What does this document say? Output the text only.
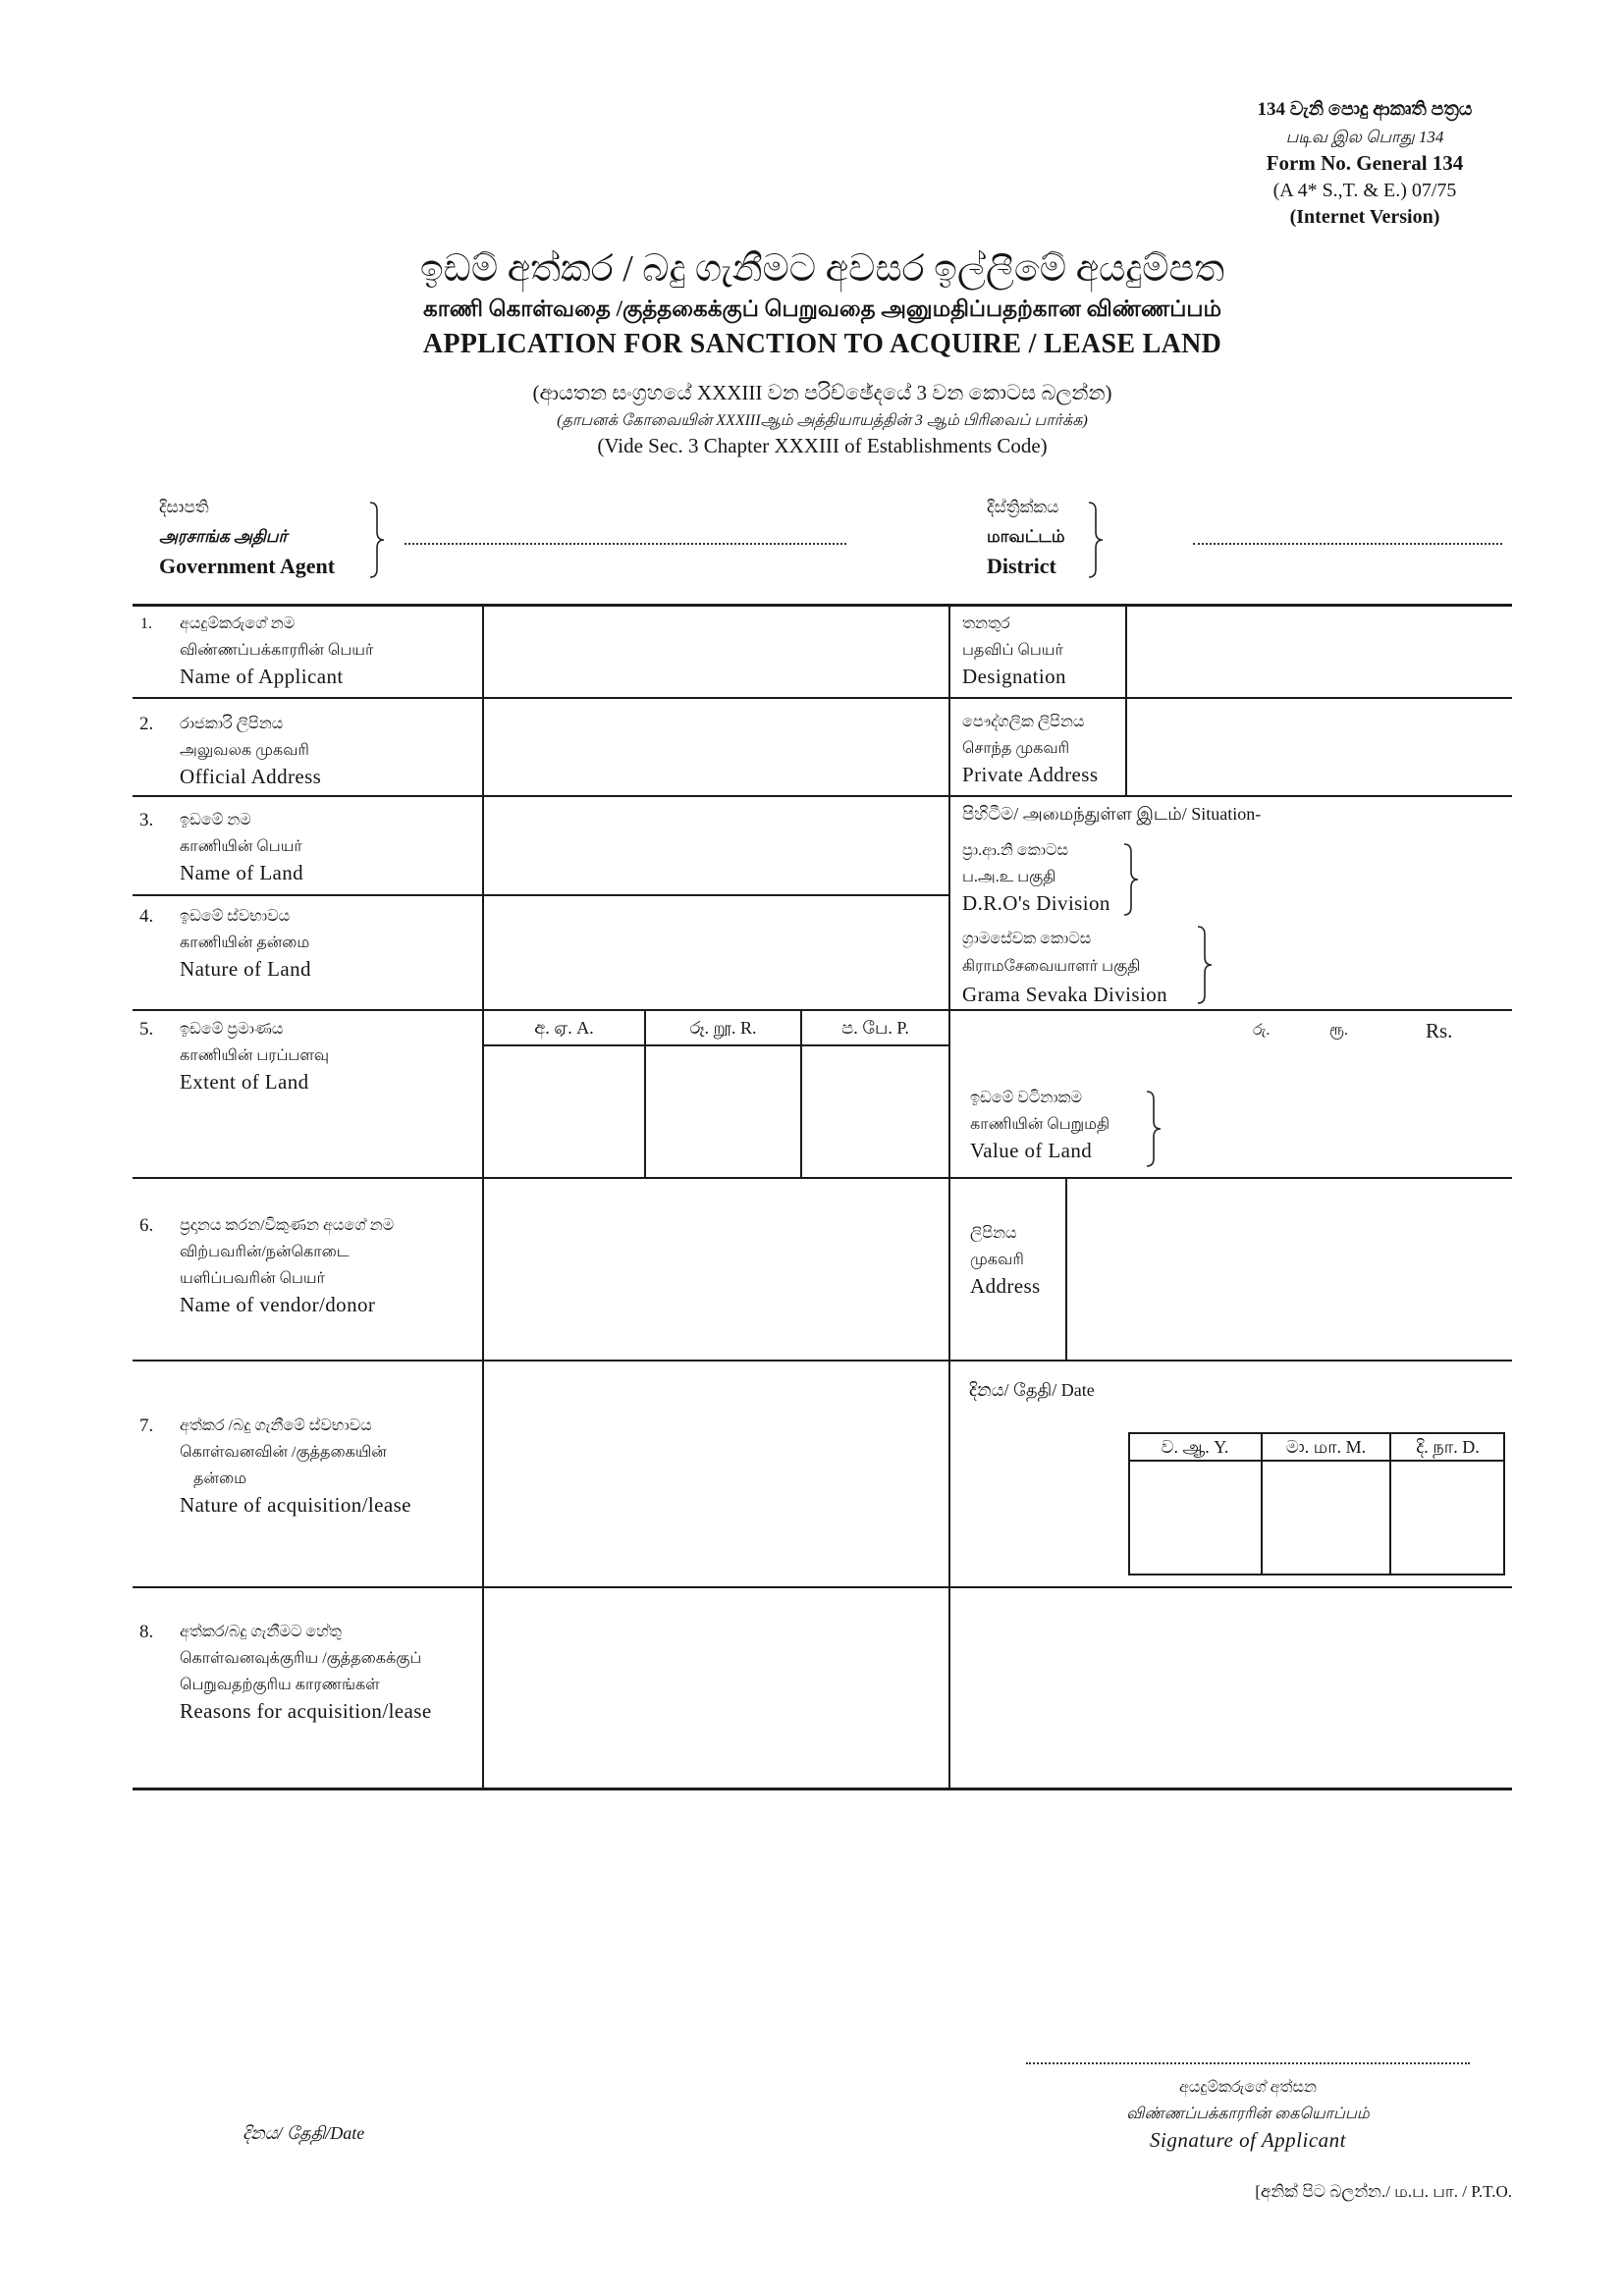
134 වැනි පොදු ආකෘති පත්‍රය
படிவ இல பொது 134
Form No. General 134
(A 4* S.,T. & E.) 07/75
(Internet Version)
ඉඩම් අත්කර / බදු ගැනීමට අවසර ඉල්ලීමේ අයදුම්පත
காணி கொள்வதை /குத்தகைக்குப் பெறுவதை அனுமதிப்பதற்கான விண்ணப்பம்
APPLICATION FOR SANCTION TO ACQUIRE / LEASE LAND
(ආයතන සංග්‍රහයේ XXXIII වන පරිච්ඡේදයේ 3 වන කොටස බලන්න)
(தாபனக் கோவையின் XXXIIIஆம் அத்தியாயத்தின் 3 ஆம் பிரிவைப் பார்க்க)
(Vide Sec. 3 Chapter XXXIII of Establishments Code)
දිසාපති
அரசாங்க அதிபர்
Government Agent
දිස්ත්‍රික්කය
மாவட்டம்
District
1. අයදුම්කරුගේ නම
விண்ணப்பக்காரரின் பெயர்
Name of Applicant
තනතුර
பதவிப் பெயர்
Designation
2. රාජකාරි ලිපිනය
அலுவலக முகவரி
Official Address
පෞද්ගලික ලිපිනය
சொந்த முகவரி
Private Address
3. ඉඩමේ නම
காணியின் பெயர்
Name of Land
පිහිටීම/ அமைந்துள்ள இடம்/ Situation-
ප්‍රා.ආ.නි කොටස
ப.அ.உ பகுதி
D.R.O's Division
ග්‍රාමසේවක කොටස
கிராமசேவையாளர் பகுதி
Grama Sevaka Division
4. ඉඩමේ ස්වභාවය
காணியின் தன்மை
Nature of Land
5. ඉඩමේ ප්‍රමාණය
காணியின் பரப்பளவு
Extent of Land
අ. ஏ. A.	රූ. றூ. R.	ප. பே. P.	රු.	ரூ.	Rs.
ඉඩමේ වටිනාකම
காணியின் பெறுமதி
Value of Land
6. ප්‍රදානය කරන/විකුණන අයගේ නම
விற்பவரின்/நன்கொடை
யளிப்பவரின் பெயர்
Name of vendor/donor
ලිපිනය
முகவரி
Address
7. අත්කර /බදු ගැනීමේ ස්වභාවය
கொள்வனவின் /குத்தகையின்
தன்மை
Nature of acquisition/lease
දිනය/ தேதி/ Date
ව. ஆ. Y.	මා. மா. M.	දි. நா. D.
8. අත්කර/බදු ගැනීමට හේතු
கொள்வனவுக்குரிய /குத்தகைக்குப்
பெறுவதற்குரிய காரணங்கள்
Reasons for acquisition/lease
අයදුම්කරුගේ අත්සන
விண்ணப்பக்காரரின் கையொப்பம்
Signature of Applicant
දිනය/ தேதி/Date
[අනික් පිට බලන්න./ ம.ப. பா. / P.T.O.
